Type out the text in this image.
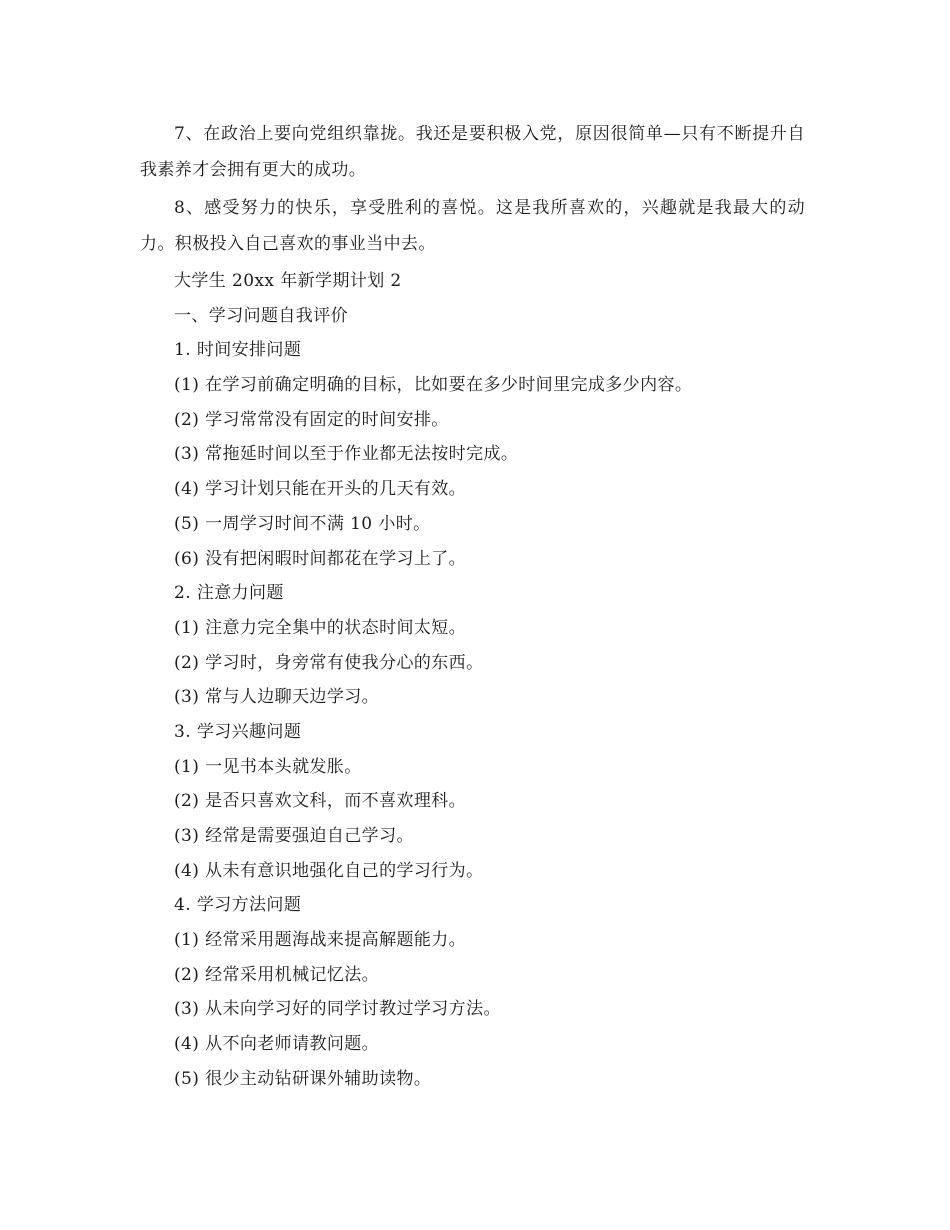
7、在政治上要向党组织靠拢。我还是要积极入党，原因很简单—只有不断提升自我素养才会拥有更大的成功。

8、感受努力的快乐，享受胜利的喜悦。这是我所喜欢的，兴趣就是我最大的动力。积极投入自己喜欢的事业当中去。

大学生 20xx 年新学期计划 2
一、学习问题自我评价
1. 时间安排问题
(1) 在学习前确定明确的目标，比如要在多少时间里完成多少内容。
(2) 学习常常没有固定的时间安排。
(3) 常拖延时间以至于作业都无法按时完成。
(4) 学习计划只能在开头的几天有效。
(5) 一周学习时间不满 10 小时。
(6) 没有把闲暇时间都花在学习上了。
2. 注意力问题
(1) 注意力完全集中的状态时间太短。
(2) 学习时，身旁常有使我分心的东西。
(3) 常与人边聊天边学习。
3. 学习兴趣问题
(1) 一见书本头就发胀。
(2) 是否只喜欢文科，而不喜欢理科。
(3) 经常是需要强迫自己学习。
(4) 从未有意识地强化自己的学习行为。
4. 学习方法问题
(1) 经常采用题海战来提高解题能力。
(2) 经常采用机械记忆法。
(3) 从未向学习好的同学讨教过学习方法。
(4) 从不向老师请教问题。
(5) 很少主动钻研课外辅助读物。
